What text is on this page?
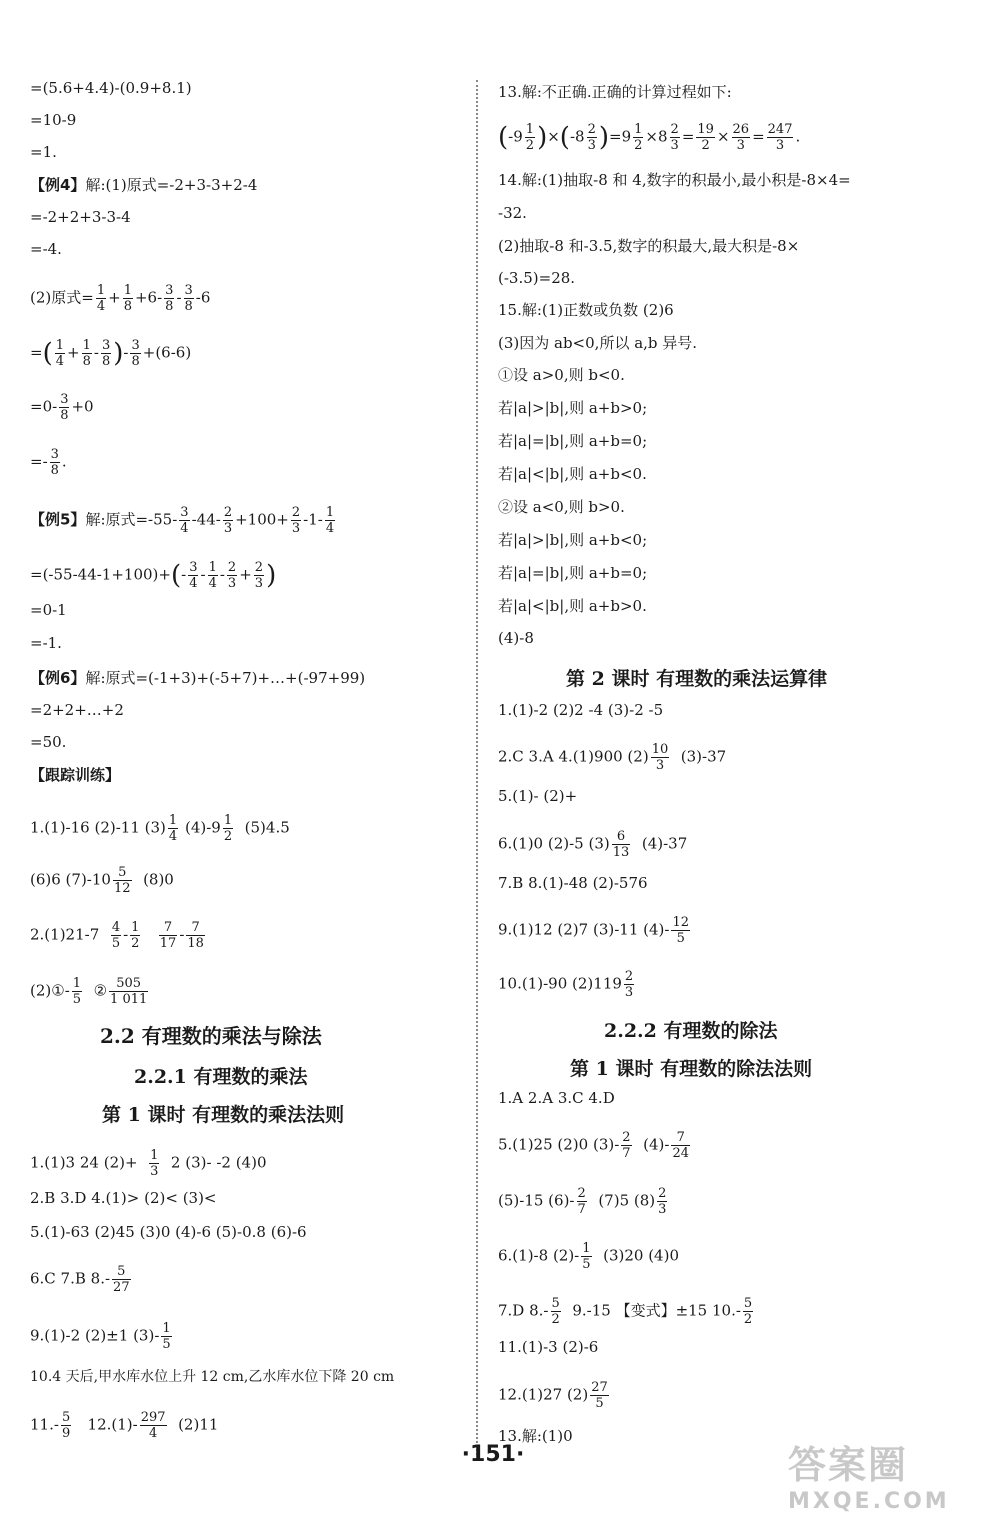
=(5.6+4.4)-(0.9+8.1)
=10-9
=1.
【例4】解:(1)原式=-2+3-3+2-4
=-2+2+3-3-4
=-4.
(2)原式= $\frac{1}{4} + \frac{1}{8} +6- \frac{3}{8} - \frac{3}{8} -6$
=( $\frac{1}{4} + \frac{1}{8} - \frac{3}{8}$ )- $\frac{3}{8} +(6-6)$
$=0- \frac{3}{8} +0$
=- $\frac{3}{8}$ .
【例5】解:原式$=-55- \frac{3}{4} -44- \frac{2}{3} +100+ \frac{2}{3} -1- \frac{1}{4}$
$=(-55-44-1+100)+(- \frac{3}{4} - \frac{1}{4} - \frac{2}{3} + \frac{2}{3}$ )
=0-1
=-1.
【例6】解:原式=(-1+3)+(-5+7)+…+(-97+99)
=2+2+…+2
=50.
【跟踪训练】
1.(1)-16 (2)-11 $(3) \frac{1}{4} (4)-9 \frac{1}{2} (5)4.5$
(6)6 $(7)-10 \frac{5}{12} (8)0$
$2.(1)21-7 \frac{4}{5} - \frac{1}{2}$
$\frac{7}{17} - \frac{7}{18}$
(2)①- $\frac{1}{5}$ ② $\frac{505}{1 011}$
2.2 有理数的乘法与除法
2.2.1 有理数的乘法
第 1 课时 有理数的乘法法则
1.(1)3 24 $(2)+ \frac{1}{3} 2$ (3)- -2 (4)0
2.B 3.D 4.(1)> (2)< (3)<
5.(1)-63 (2)45 (3)0 (4)-6 (5)-0.8 (6)-6
6.C 7.B $8.- \frac{5}{27}$
9.(1)-2 (2)±1 $(3)- \frac{1}{5}$
10.4 天后,甲水库水位上升 12 cm,乙水库水位下降 20 cm
$11.- \frac{5}{9} 12.(1)- \frac{297}{4} (2)11$
13.解:不正确.正确的计算过程如下:
$(-9 \frac{1}{2} )\times(-8 \frac{2}{3} )=9 \frac{1}{2} \times 8 \frac{2}{3} = \frac{19}{2} \times \frac{26}{3} = \frac{247}{3}$ .
14.解:(1)抽取-8 和 4,数字的积最小,最小积是-8×4=
-32.
(2)抽取-8 和-3.5,数字的积最大,最大积是-8×
(-3.5)=28.
15.解:(1)正数或负数 (2)6
(3)因为 ab<0,所以 a,b 异号.
①设 a>0,则 b<0.
若|a|>|b|,则 a+b>0;
若|a|=|b|,则 a+b=0;
若|a|<|b|,则 a+b<0.
②设 a<0,则 b>0.
若|a|>|b|,则 a+b<0;
若|a|=|b|,则 a+b=0;
若|a|<|b|,则 a+b>0.
(4)-8
第 2 课时 有理数的乘法运算律
1.(1)-2 (2)2 -4 (3)-2 -5
2.C 3.A 4.(1)900 $(2) \frac{10}{3} (3)-37$
5.(1)- (2)+
6.(1)0 (2)-5 $(3) \frac{6}{13} (4)-37$
7.B 8.(1)-48 (2)-576
9.(1)12 (2)7 (3)-11 $(4)- \frac{12}{5}$
10.(1)-90 $(2)119 \frac{2}{3}$
2.2.2 有理数的除法
第 1 课时 有理数的除法法则
1.A 2.A 3.C 4.D
5.(1)25 (2)0 $(3)- \frac{2}{7} (4)- \frac{7}{24}$
(5)-15 $(6)- \frac{2}{7} (7)5$ $(8) \frac{2}{3}$
6.(1)-8 $(2)- \frac{1}{5} (3)20$ (4)0
7.D $8.- \frac{5}{2} 9.-15$ 【变式】±15 $10.- \frac{5}{2}$
11.(1)-3 (2)-6
12.(1)27 $(2) \frac{27}{5}$
13.解:(1)0
·151·	答案圈
MXQE.COM
